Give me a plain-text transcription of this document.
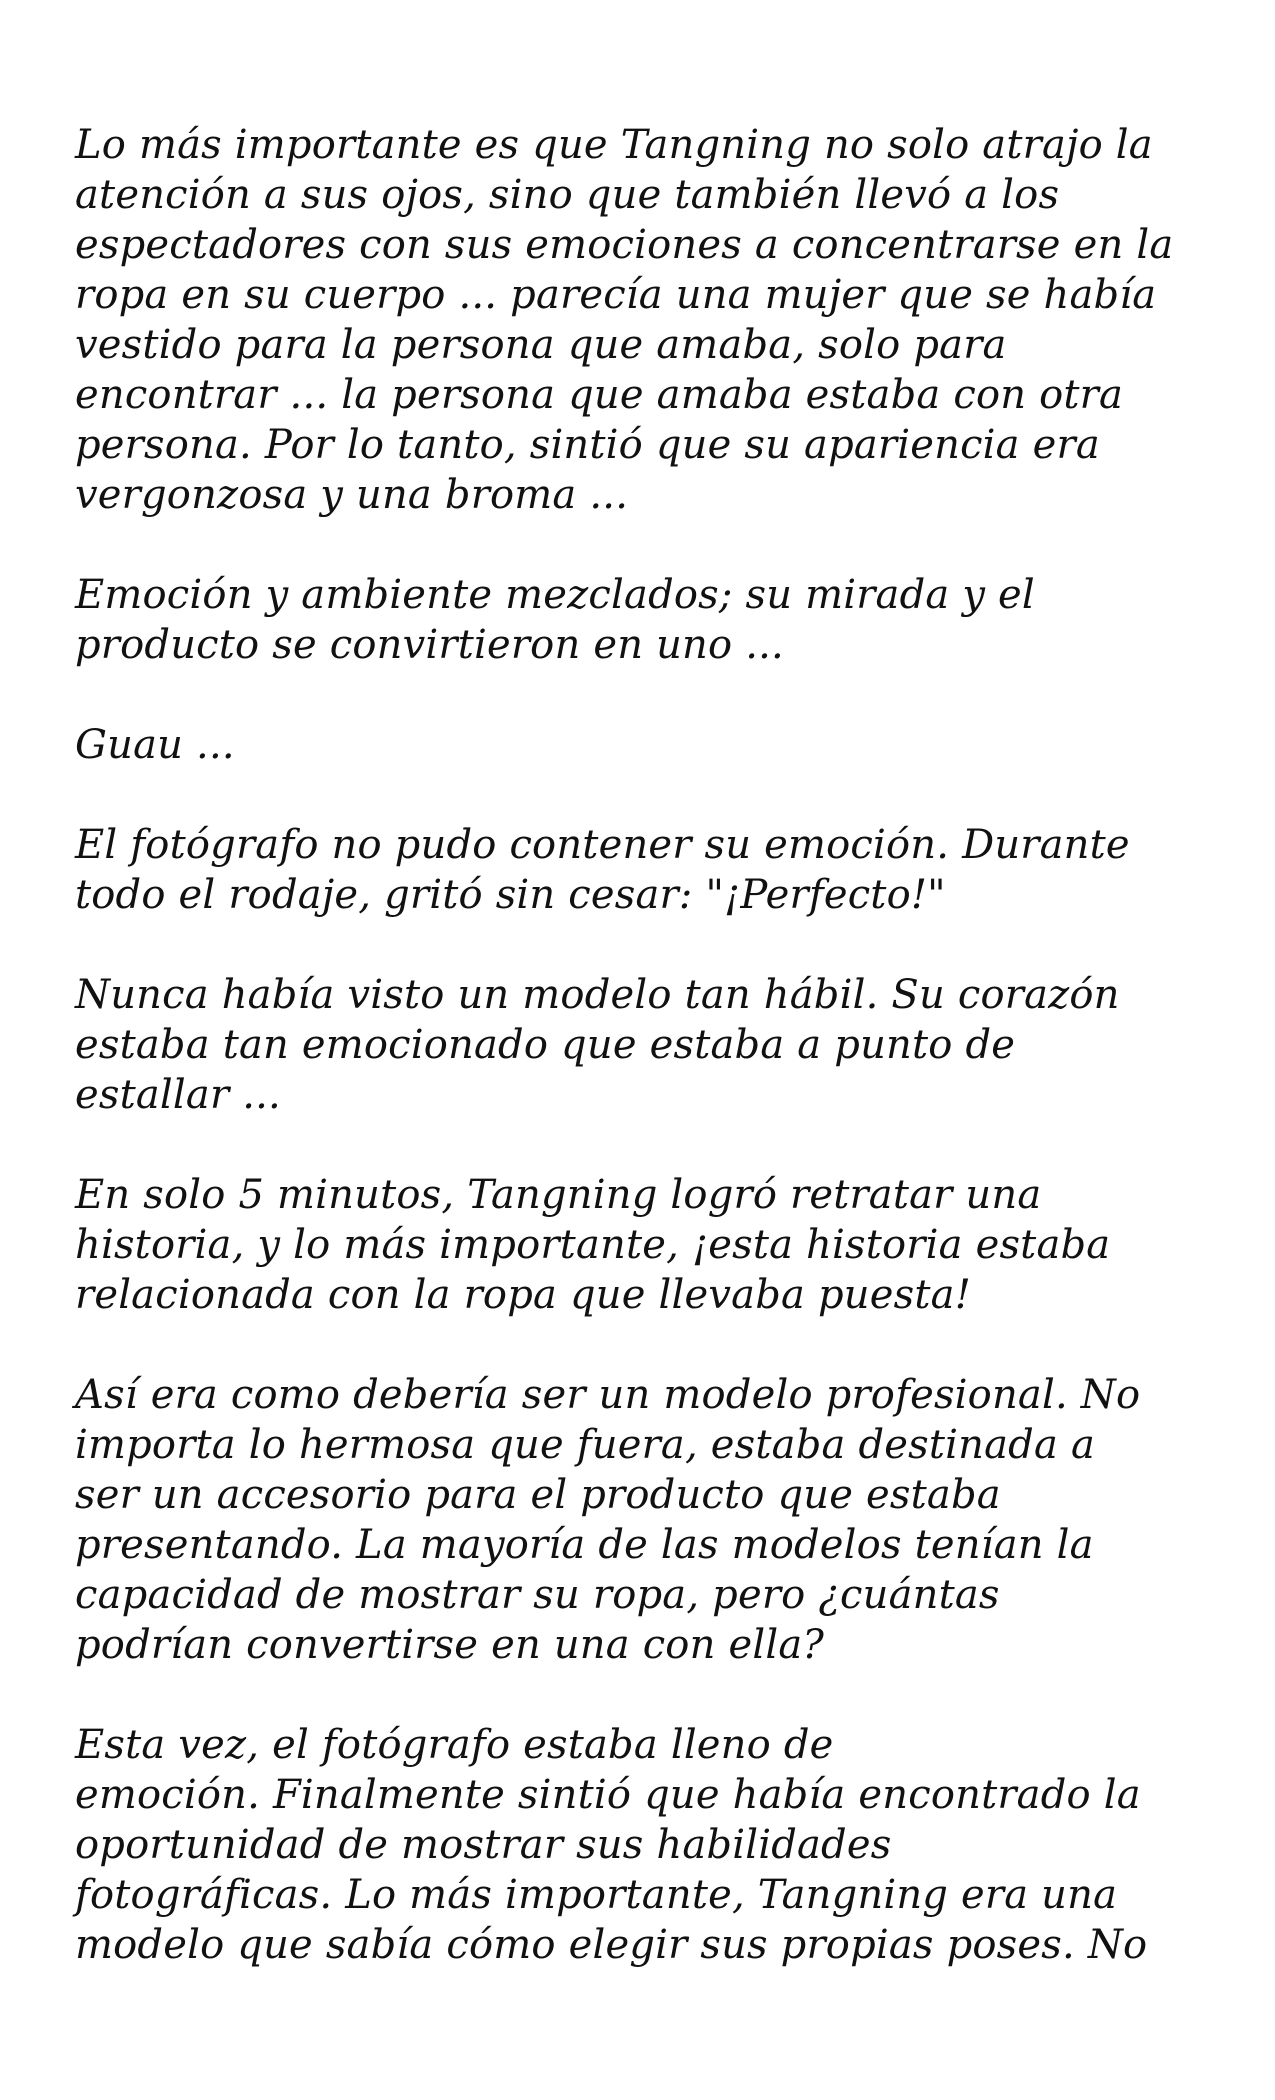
Lo más importante es que Tangning no solo atrajo la
atención a sus ojos, sino que también llevó a los
espectadores con sus emociones a concentrarse en la
ropa en su cuerpo ... parecía una mujer que se había
vestido para la persona que amaba, solo para
encontrar ... la persona que amaba estaba con otra
persona. Por lo tanto, sintió que su apariencia era
vergonzosa y una broma ...

Emoción y ambiente mezclados; su mirada y el
producto se convirtieron en uno ...

Guau ...

El fotógrafo no pudo contener su emoción. Durante
todo el rodaje, gritó sin cesar: "¡Perfecto!"

Nunca había visto un modelo tan hábil. Su corazón
estaba tan emocionado que estaba a punto de
estallar ...

En solo 5 minutos, Tangning logró retratar una
historia, y lo más importante, ¡esta historia estaba
relacionada con la ropa que llevaba puesta!

Así era como debería ser un modelo profesional. No
importa lo hermosa que fuera, estaba destinada a
ser un accesorio para el producto que estaba
presentando. La mayoría de las modelos tenían la
capacidad de mostrar su ropa, pero ¿cuántas
podrían convertirse en una con ella?

Esta vez, el fotógrafo estaba lleno de
emoción. Finalmente sintió que había encontrado la
oportunidad de mostrar sus habilidades
fotográficas. Lo más importante, Tangning era una
modelo que sabía cómo elegir sus propias poses. No
